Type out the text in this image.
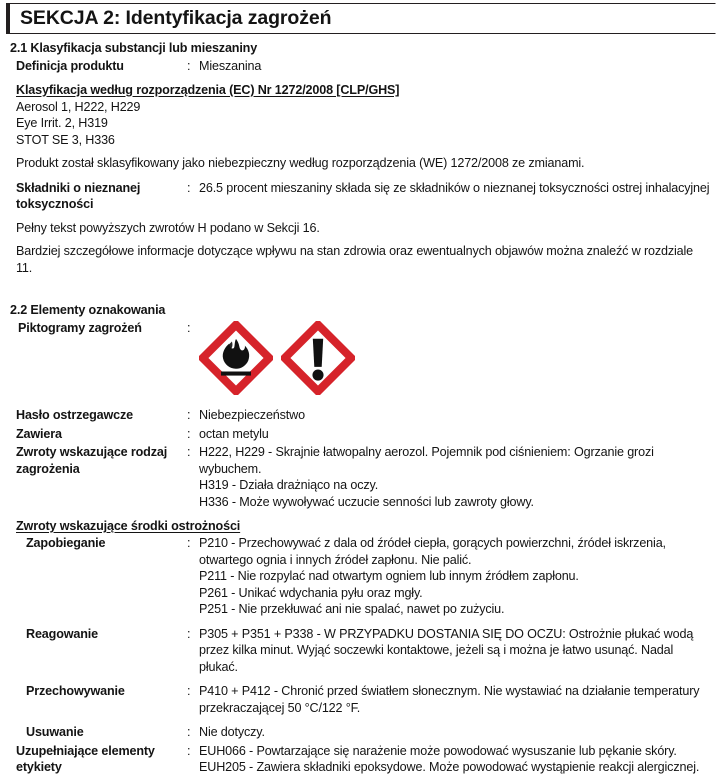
SEKCJA 2: Identyfikacja zagrożeń
2.1 Klasyfikacja substancji lub mieszaniny
Definicja produktu	: Mieszanina
Klasyfikacja według rozporządzenia (EC) Nr 1272/2008 [CLP/GHS]
Aerosol 1, H222, H229
Eye Irrit. 2, H319
STOT SE 3, H336
Produkt został sklasyfikowany jako niebezpieczny według rozporządzenia (WE) 1272/2008 ze zmianami.
Składniki o nieznanej toksyczności
: 26.5 procent mieszaniny składa się ze składników o nieznanej toksyczności ostrej inhalacyjnej
Pełny tekst powyższych zwrotów H podano w Sekcji 16.
Bardziej szczegółowe informacje dotyczące wpływu na stan zdrowia oraz ewentualnych objawów można znaleźć w rozdziale 11.
2.2 Elementy oznakowania
Piktogramy zagrożeń	:
Hasło ostrzegawcze	: Niebezpieczeństwo
Zawiera	: octan metylu
Zwroty wskazujące rodzaj zagrożenia
: H222, H229 - Skrajnie łatwopalny aerozol. Pojemnik pod ciśnieniem: Ogrzanie grozi wybuchem.
H319 - Działa drażniąco na oczy.
H336 - Może wywoływać uczucie senności lub zawroty głowy.
Zwroty wskazujące środki ostrożności
Zapobieganie	: P210 - Przechowywać z dala od źródeł ciepła, gorących powierzchni, źródeł iskrzenia, otwartego ognia i innych źródeł zapłonu. Nie palić.
P211 - Nie rozpylać nad otwartym ogniem lub innym źródłem zapłonu.
P261 - Unikać wdychania pyłu oraz mgły.
P251 - Nie przekłuwać ani nie spalać, nawet po zużyciu.
Reagowanie	: P305 + P351 + P338 - W PRZYPADKU DOSTANIA SIĘ DO OCZU: Ostrożnie płukać wodą przez kilka minut. Wyjąć soczewki kontaktowe, jeżeli są i można je łatwo usunąć. Nadal płukać.
Przechowywanie	: P410 + P412 - Chronić przed światłem słonecznym. Nie wystawiać na działanie temperatury przekraczającej 50 °C/122 °F.
Usuwanie	: Nie dotyczy.
Uzupełniające elementy etykiety
: EUH066 - Powtarzające się narażenie może powodować wysuszanie lub pękanie skóry.
EUH205 - Zawiera składniki epoksydowe. Może powodować wystąpienie reakcji alergicznej.
